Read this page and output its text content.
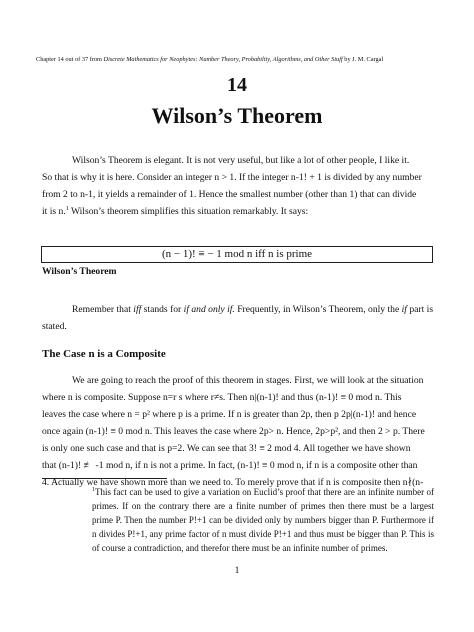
Chapter 14 out of 37 from Discrete Mathematics for Neophytes: Number Theory, Probability, Algorithms, and Other Stuff by J. M. Cargal
14
Wilson’s Theorem
Wilson’s Theorem is elegant. It is not very useful, but like a lot of other people, I like it.
So that is why it is here. Consider an integer n > 1. If the integer n-1! + 1 is divided by any number
from 2 to n-1, it yields a remainder of 1. Hence the smallest number (other than 1) that can divide
it is n.$^1$ Wilson’s theorem simplifies this situation remarkably. It says:
(n − 1)! ≡ − 1 mod n iff n is prime
Wilson’s Theorem
Remember that iff stands for if and only if. Frequently, in Wilson’s Theorem, only the if part is
stated.
The Case n is a Composite
We are going to reach the proof of this theorem in stages. First, we will look at the situation
where n is composite. Suppose n=r s where r≠s. Then n|(n-1)! and thus (n-1)! ≡ 0 mod n. This
leaves the case where n = p² where p is a prime. If n is greater than 2p, then p 2p|(n-1)! and hence
once again (n-1)! ≡ 0 mod n. This leaves the case where 2p> n. Hence, 2p>p², and then 2 > p. There
is only one such case and that is p=2. We can see that 3! ≡ 2 mod 4. All together we have shown
that (n-1)! ≢ -1 mod n, if n is not a prime. In fact, (n-1)! ≡ 0 mod n, if n is a composite other than
4. Actually we have shown more than we need to. To merely prove that if n is composite then n∤(n-
$^1$This fact can be used to give a variation on Euclid’s proof that there are an infinite number of primes. If on the contrary there are a finite number of primes then there must be a largest prime P. Then the number P!+1 can be divided only by numbers bigger than P. Furthermore if n divides P!+1, any prime factor of n must divide P!+1 and thus must be bigger than P. This is of course a contradiction, and therefor there must be an infinite number of primes.
1
